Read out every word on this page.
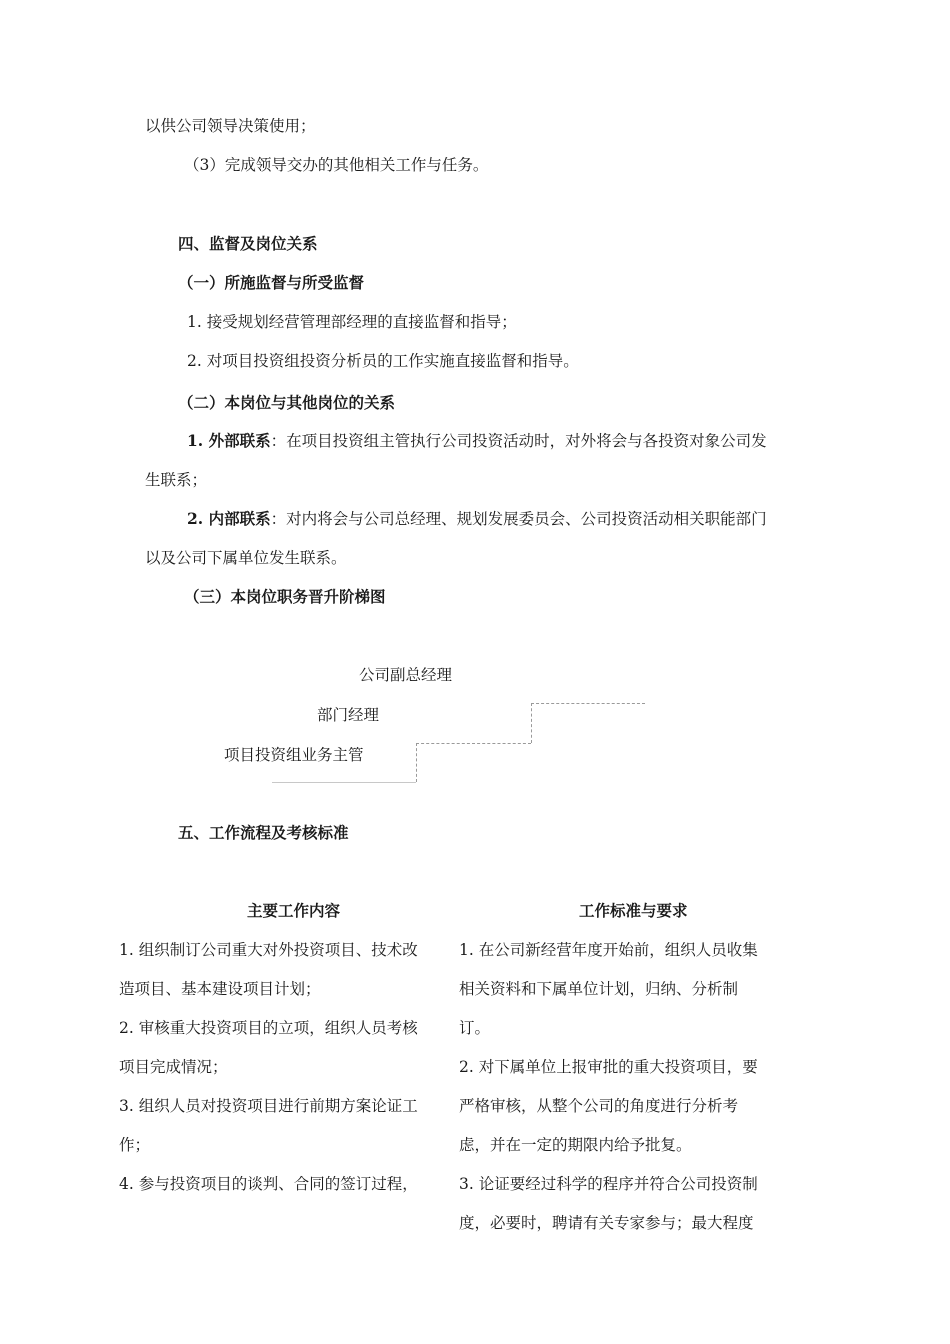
以供公司领导决策使用；
（3）完成领导交办的其他相关工作与任务。
四、监督及岗位关系
（一）所施监督与所受监督
1. 接受规划经营管理部经理的直接监督和指导；
2. 对项目投资组投资分析员的工作实施直接监督和指导。
（二）本岗位与其他岗位的关系
1. 外部联系：在项目投资组主管执行公司投资活动时，对外将会与各投资对象公司发
生联系；
2. 内部联系：对内将会与公司总经理、规划发展委员会、公司投资活动相关职能部门
以及公司下属单位发生联系。
（三）本岗位职务晋升阶梯图
公司副总经理
部门经理
项目投资组业务主管
五、工作流程及考核标准
主要工作内容	工作标准与要求
1. 组织制订公司重大对外投资项目、技术改
造项目、基本建设项目计划；
2. 审核重大投资项目的立项，组织人员考核
项目完成情况；
3. 组织人员对投资项目进行前期方案论证工
作；
4. 参与投资项目的谈判、合同的签订过程，
1. 在公司新经营年度开始前，组织人员收集
相关资料和下属单位计划，归纳、分析制
订。
2. 对下属单位上报审批的重大投资项目，要
严格审核，从整个公司的角度进行分析考
虑，并在一定的期限内给予批复。
3. 论证要经过科学的程序并符合公司投资制
度，必要时，聘请有关专家参与；最大程度
